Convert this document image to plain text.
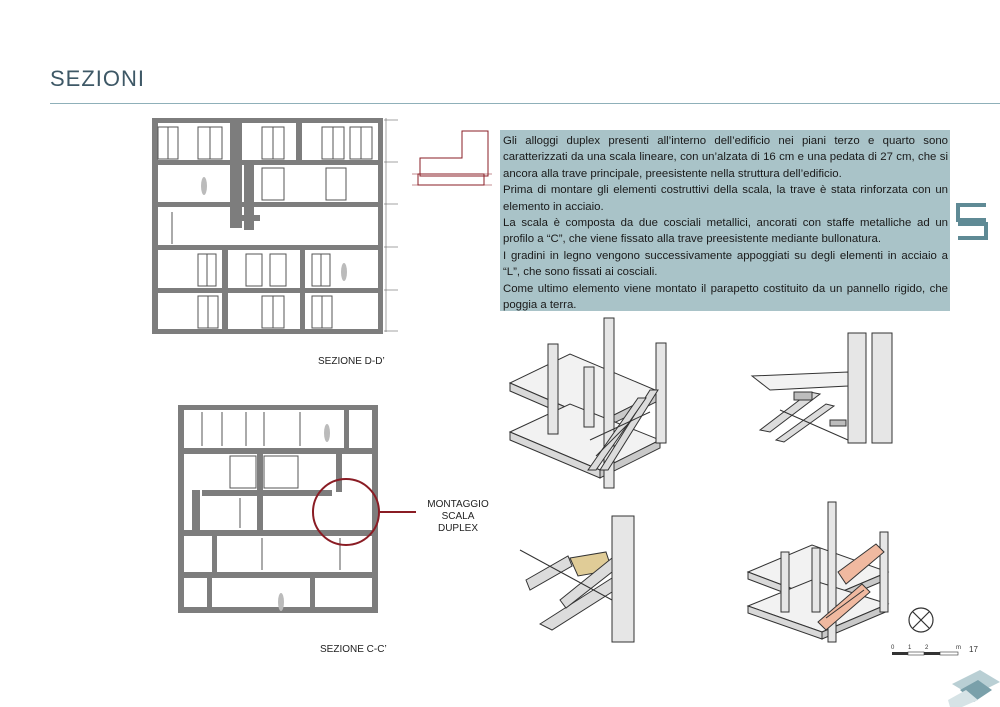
SEZIONI

Gli alloggi duplex presenti all’interno dell’edificio nei piani terzo e quarto sono caratterizzati da una scala lineare, con un’alzata di 16 cm e una pedata di 27 cm, che si ancora alla trave principale, preesistente nella struttura dell’edificio.

Prima di montare gli elementi costruttivi della scala, la trave è stata rinforzata con un elemento in acciaio.

La scala è composta da due cosciali metallici, ancorati con staffe metalliche ad un profilo a “C”, che viene fissato alla trave preesistente mediante bullonatura.

I gradini in legno vengono successivamente appoggiati su degli elementi in acciaio a “L”, che sono fissati ai cosciali.

Come ultimo elemento viene montato il parapetto costituito da un pannello rigido, che poggia a terra.

SEZIONE D-D’
SEZIONE C-C’
MONTAGGIO
SCALA
DUPLEX
0 1 2	m 17
